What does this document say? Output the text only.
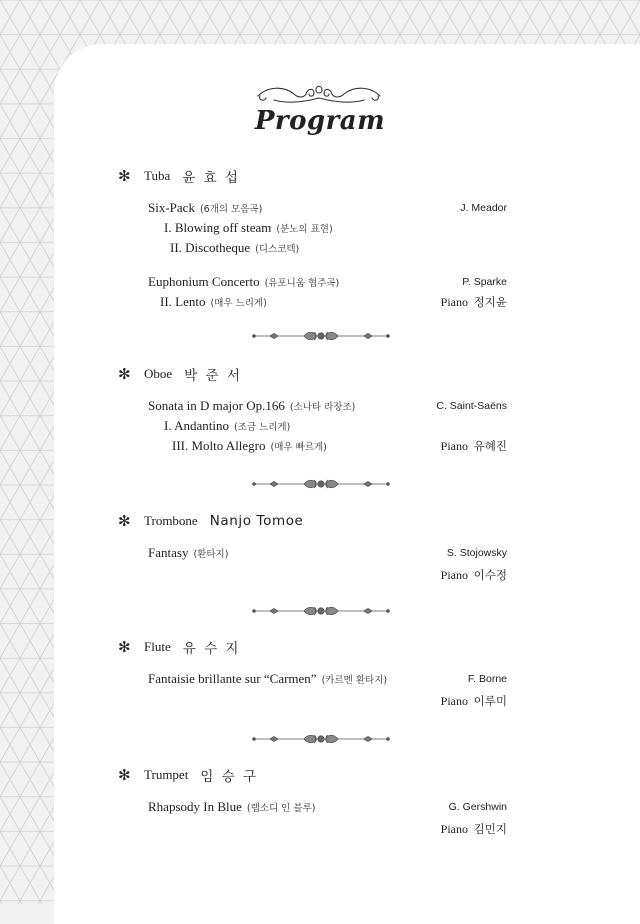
Program
✻	Tuba 윤 효 섭
Six-Pack (6개의 모음곡)	J. Meador
I. Blowing off steam (분노의 표현)
II. Discotheque (디스코텍)
Euphonium Concerto (유포니움 협주곡)	P. Sparke
II. Lento (매우 느리게)	Piano 정지윤
✻	Oboe 박 준 서
Sonata in D major Op.166 (소나타 라장조)	C. Saint-Saëns
I. Andantino (조금 느리게)
III. Molto Allegro (매우 빠르게)	Piano 유혜진
✻	Trombone Nanjo Tomoe
Fantasy (환타지)	S. Stojowsky
Piano 이수정
✻	Flute 유 수 지
Fantaisie brillante sur “Carmen” (카르멘 환타지)	F. Borne
Piano 이루미
✻	Trumpet 임 승 구
Rhapsody In Blue (랩소디 인 블루)	G. Gershwin
Piano 김민지
